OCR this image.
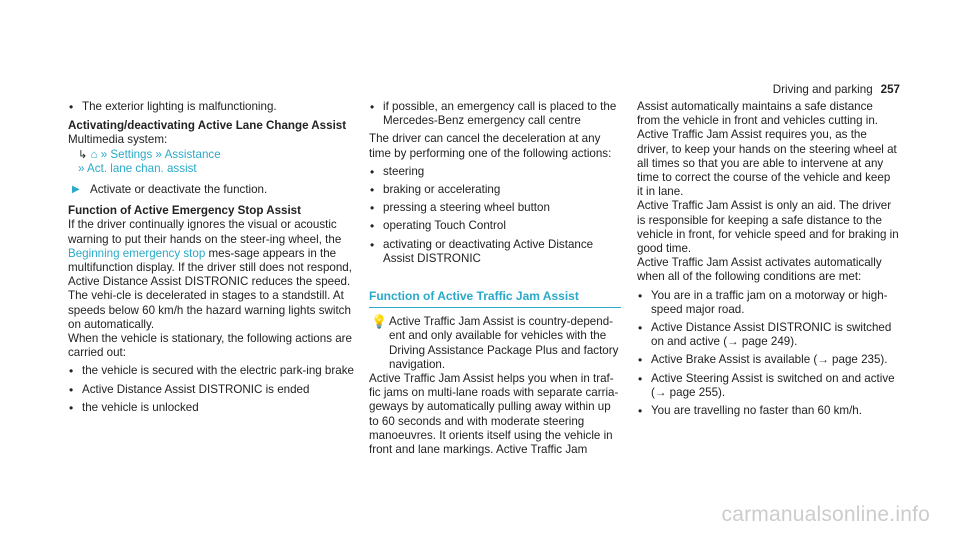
Driving and parking 257

• The exterior lighting is malfunctioning.

Activating/deactivating Active Lane Change Assist

Multimedia system:

↳ ⌂ » Settings » Assistance

» Act. lane chan. assist

▶ Activate or deactivate the function.

Function of Active Emergency Stop Assist

If the driver continually ignores the visual or acoustic warning to put their hands on the steer-ing wheel, the Beginning emergency stop mes-sage appears in the multifunction display. If the driver still does not respond, Active Distance Assist DISTRONIC reduces the speed. The vehi-cle is decelerated in stages to a standstill. At speeds below 60 km/h the hazard warning lights switch on automatically.

When the vehicle is stationary, the following actions are carried out:

• the vehicle is secured with the electric park-ing brake

• Active Distance Assist DISTRONIC is ended

• the vehicle is unlocked

• if possible, an emergency call is placed to the Mercedes-Benz emergency call centre

The driver can cancel the deceleration at any time by performing one of the following actions:

• steering

• braking or accelerating

• pressing a steering wheel button

• operating Touch Control

• activating or deactivating Active Distance Assist DISTRONIC

Function of Active Traffic Jam Assist

💡 Active Traffic Jam Assist is country-depend-ent and only available for vehicles with the Driving Assistance Package Plus and factory navigation.

Active Traffic Jam Assist helps you when in traf-fic jams on multi-lane roads with separate carria-geways by automatically pulling away within up to 60 seconds and with moderate steering manoeuvres. It orients itself using the vehicle in front and lane markings. Active Traffic Jam

Assist automatically maintains a safe distance from the vehicle in front and vehicles cutting in.

Active Traffic Jam Assist requires you, as the driver, to keep your hands on the steering wheel at all times so that you are able to intervene at any time to correct the course of the vehicle and keep it in lane.

Active Traffic Jam Assist is only an aid. The driver is responsible for keeping a safe distance to the vehicle in front, for vehicle speed and for braking in good time.

Active Traffic Jam Assist activates automatically when all of the following conditions are met:

• You are in a traffic jam on a motorway or high-speed major road.

• Active Distance Assist DISTRONIC is switched on and active (→ page 249).

• Active Brake Assist is available (→ page 235).

• Active Steering Assist is switched on and active (→ page 255).

• You are travelling no faster than 60 km/h.

carmanualsonline.info
